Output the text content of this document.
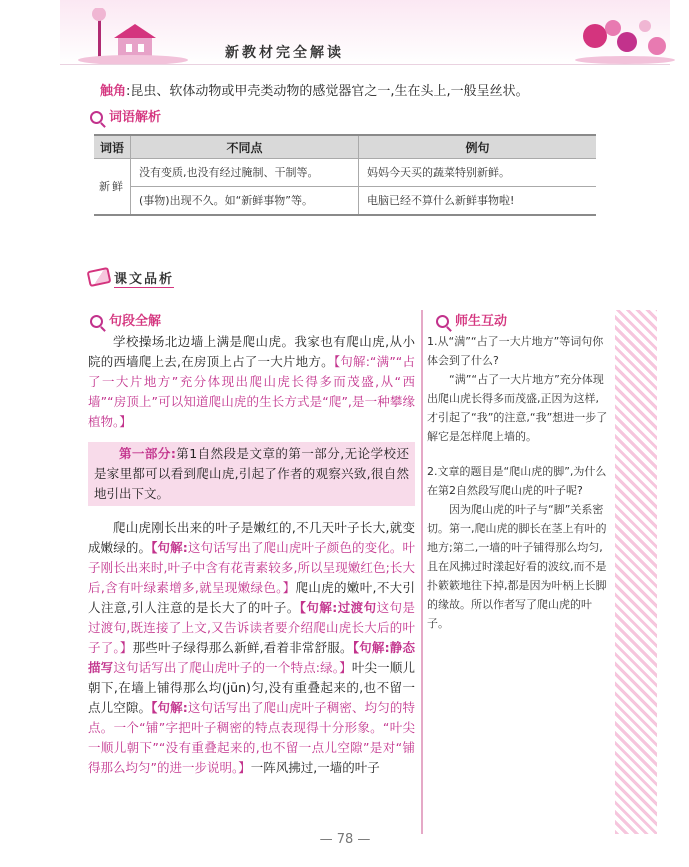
新教材完全解读
触角:昆虫、软体动物或甲壳类动物的感觉器官之一,生在头上,一般呈丝状。
词语解析
词语	不同点	例句
新鲜	没有变质,也没有经过腌制、干制等。	妈妈今天买的蔬菜特别新鲜。
	(事物)出现不久。如“新鲜事物”等。	电脑已经不算什么新鲜事物啦!
课文品析
句段全解

学校操场北边墙上满是爬山虎。我家也有爬山虎,从小院的西墙爬上去,在房顶上占了一大片地方。【句解:“满”“占了一大片地方”充分体现出爬山虎长得多而茂盛,从“西墙”“房顶上”可以知道爬山虎的生长方式是“爬”,是一种攀缘植物。】

第一部分:第1自然段是文章的第一部分,无论学校还是家里都可以看到爬山虎,引起了作者的观察兴致,很自然地引出下文。

爬山虎刚长出来的叶子是嫩红的,不几天叶子长大,就变成嫩绿的。【句解:这句话写出了爬山虎叶子颜色的变化。叶子刚长出来时,叶子中含有花青素较多,所以呈现嫩红色;长大后,含有叶绿素增多,就呈现嫩绿色。】爬山虎的嫩叶,不大引人注意,引人注意的是长大了的叶子。【句解:过渡句这句是过渡句,既连接了上文,又告诉读者要介绍爬山虎长大后的叶子了。】那些叶子绿得那么新鲜,看着非常舒服。【句解:静态描写这句话写出了爬山虎叶子的一个特点:绿。】叶尖一顺儿朝下,在墙上铺得那么均(jūn)匀,没有重叠起来的,也不留一点儿空隙。【句解:这句话写出了爬山虎叶子稠密、均匀的特点。一个“铺”字把叶子稠密的特点表现得十分形象。“叶尖一顺儿朝下”“没有重叠起来的,也不留一点儿空隙”是对“铺得那么均匀”的进一步说明。】一阵风拂过,一墙的叶子

师生互动

1.从“满”“占了一大片地方”等词句你体会到了什么?

“满”“占了一大片地方”充分体现出爬山虎长得多而茂盛,正因为这样,才引起了“我”的注意,“我”想进一步了解它是怎样爬上墙的。

2.文章的题目是“爬山虎的脚”,为什么在第2自然段写爬山虎的叶子呢?

因为爬山虎的叶子与“脚”关系密切。第一,爬山虎的脚长在茎上有叶的地方;第二,一墙的叶子铺得那么均匀,且在风拂过时漾起好看的波纹,而不是扑簌簌地往下掉,都是因为叶柄上长脚的缘故。所以作者写了爬山虎的叶子。

— 78 —
